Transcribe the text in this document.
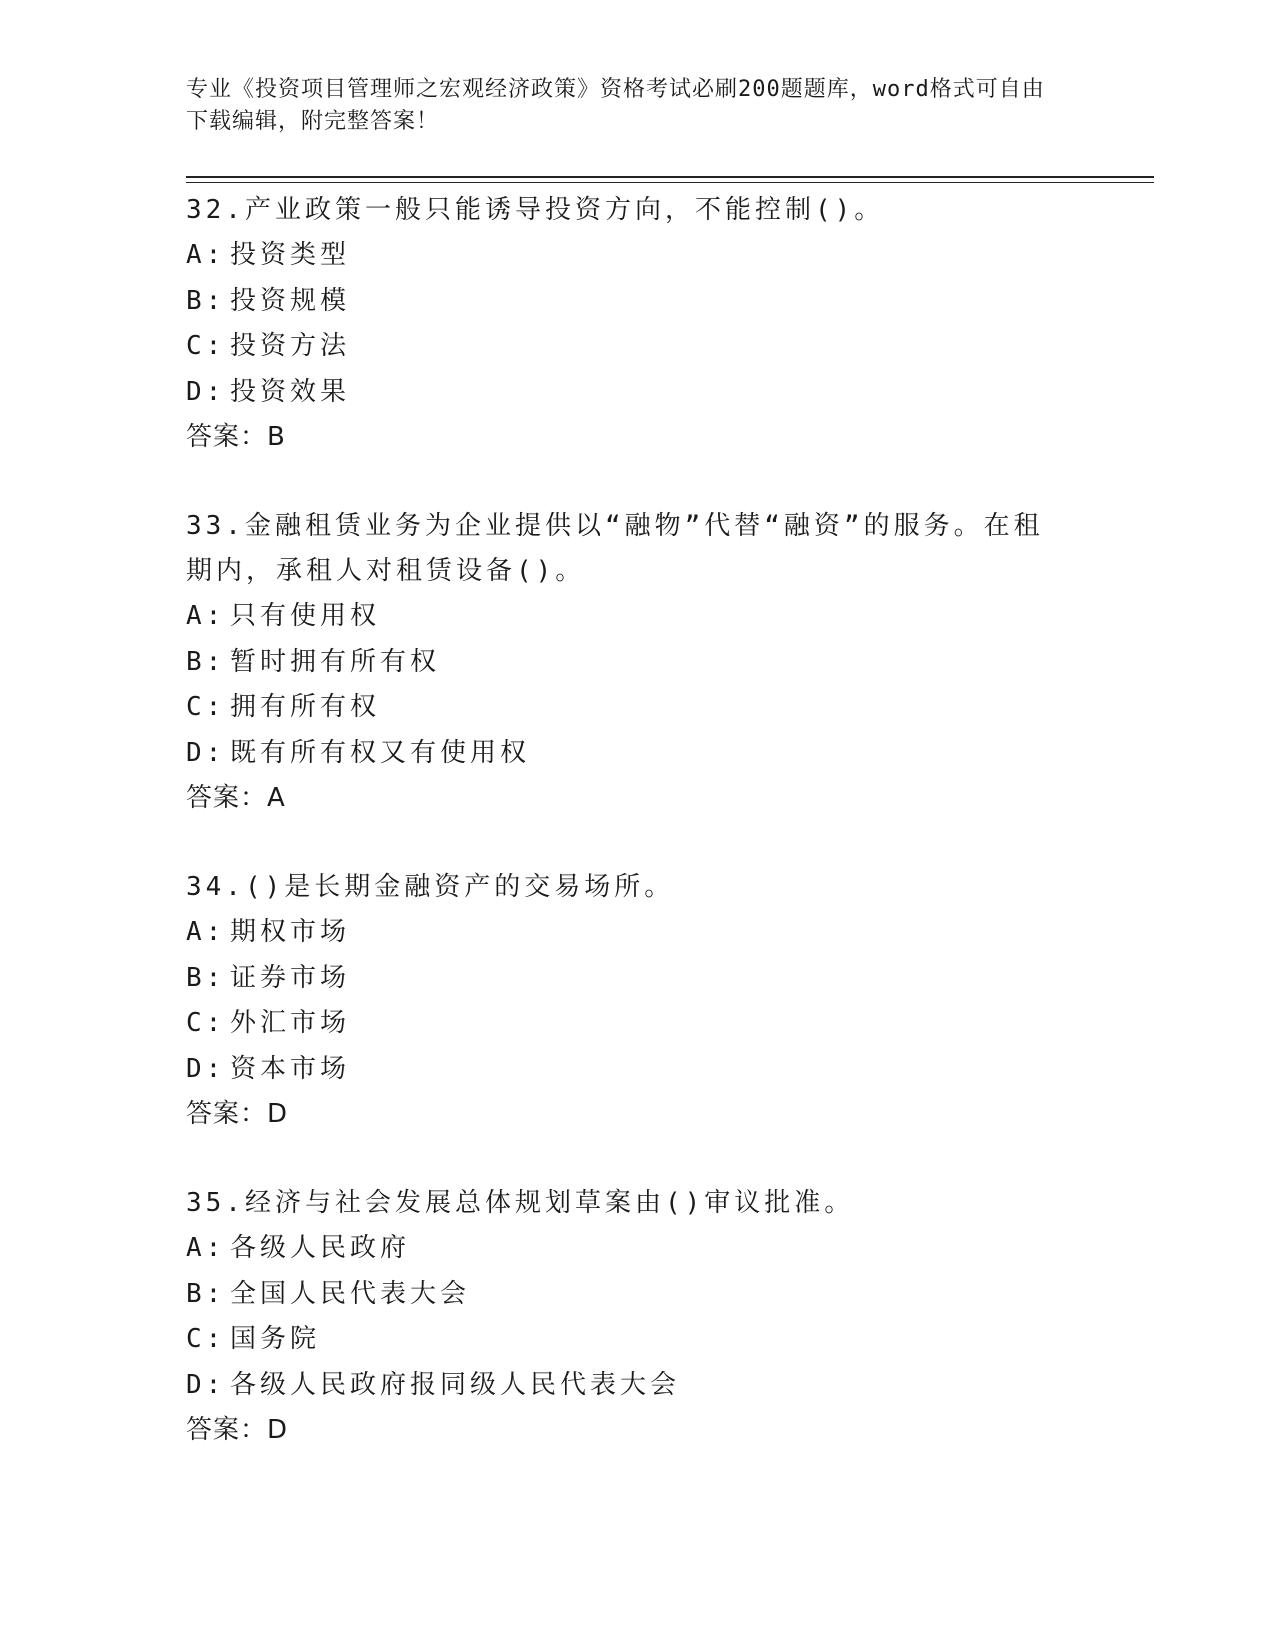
专业《投资项目管理师之宏观经济政策》资格考试必刷200题题库，word格式可自由下载编辑，附完整答案！
32.产业政策一般只能诱导投资方向，不能控制()。
A: 投资类型
B: 投资规模
C: 投资方法
D: 投资效果
答案：B
33.金融租赁业务为企业提供以“融物”代替“融资”的服务。在租期内，承租人对租赁设备()。
A: 只有使用权
B: 暂时拥有所有权
C: 拥有所有权
D: 既有所有权又有使用权
答案：A
34.()是长期金融资产的交易场所。
A: 期权市场
B: 证券市场
C: 外汇市场
D: 资本市场
答案：D
35.经济与社会发展总体规划草案由()审议批准。
A: 各级人民政府
B: 全国人民代表大会
C: 国务院
D: 各级人民政府报同级人民代表大会
答案：D
